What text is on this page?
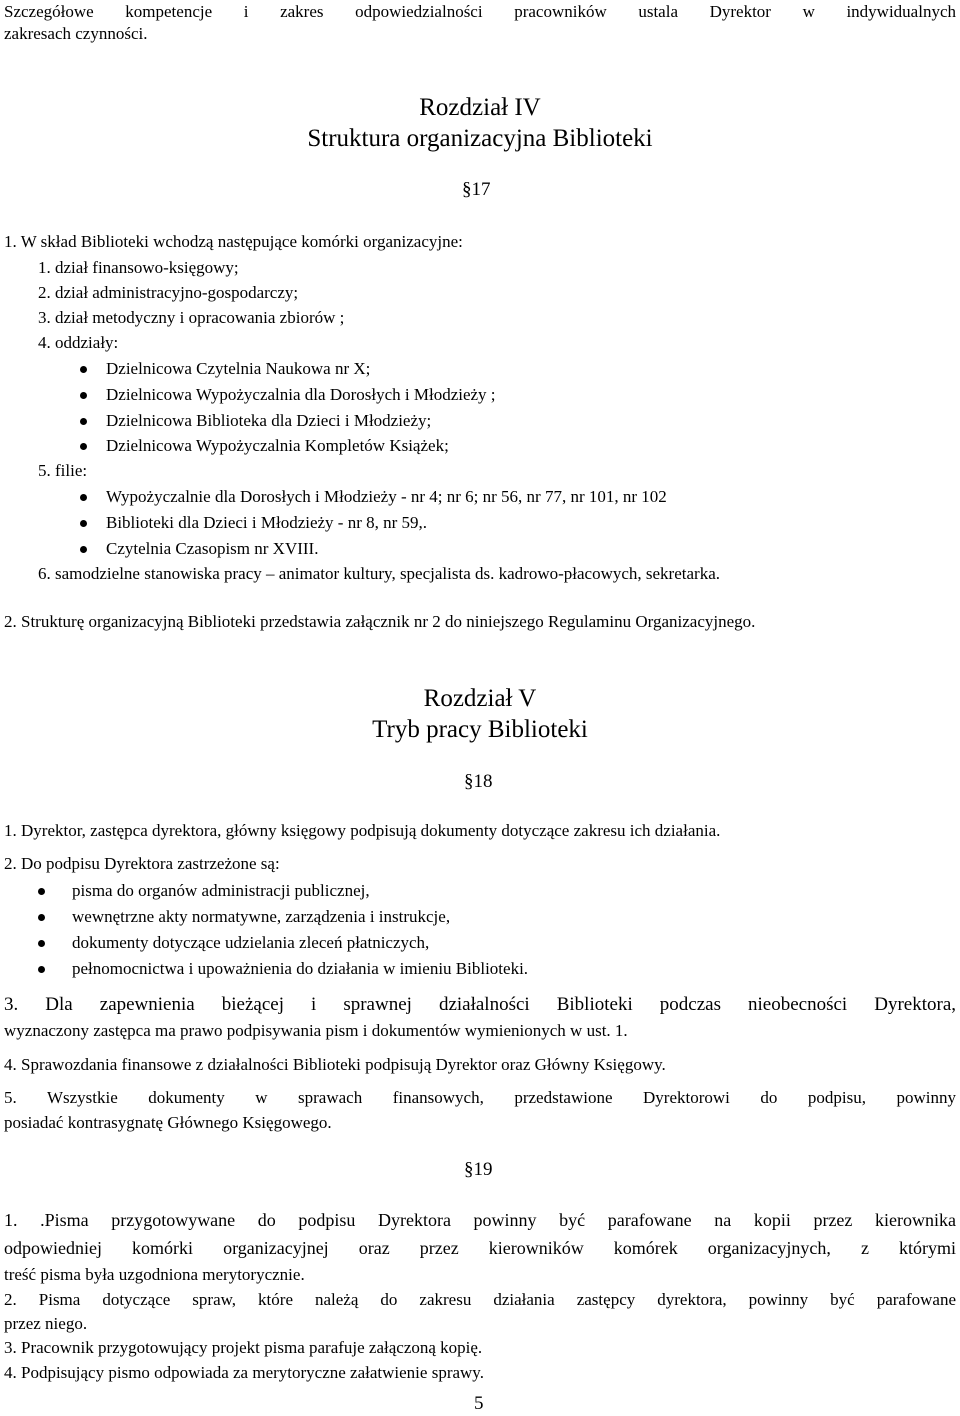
Szczegółowe kompetencje i zakres odpowiedzialności pracowników ustala Dyrektor w indywidualnych
zakresach czynności.
Rozdział IV
Struktura organizacyjna Biblioteki
§17
1. W skład Biblioteki wchodzą następujące komórki organizacyjne:
1. dział finansowo-księgowy;
2. dział administracyjno-gospodarczy;
3. dział metodyczny i opracowania zbiorów ;
4. oddziały:
Dzielnicowa Czytelnia Naukowa nr X;
Dzielnicowa Wypożyczalnia dla Dorosłych i Młodzieży ;
Dzielnicowa Biblioteka dla Dzieci i Młodzieży;
Dzielnicowa Wypożyczalnia Kompletów Książek;
5. filie:
Wypożyczalnie dla Dorosłych i Młodzieży - nr 4; nr 6; nr 56, nr 77, nr 101, nr 102
Biblioteki dla Dzieci i Młodzieży - nr 8, nr 59,.
Czytelnia Czasopism nr XVIII.
6. samodzielne stanowiska pracy – animator kultury, specjalista ds. kadrowo-płacowych, sekretarka.
2. Strukturę organizacyjną Biblioteki przedstawia załącznik nr 2 do niniejszego Regulaminu Organizacyjnego.
Rozdział V
Tryb pracy Biblioteki
§18
1. Dyrektor, zastępca dyrektora, główny księgowy podpisują dokumenty dotyczące zakresu ich działania.
2. Do podpisu Dyrektora zastrzeżone są:
pisma do organów administracji publicznej,
wewnętrzne akty normatywne, zarządzenia i instrukcje,
dokumenty dotyczące udzielania zleceń płatniczych,
pełnomocnictwa i upoważnienia do działania w imieniu Biblioteki.
3. Dla zapewnienia bieżącej i sprawnej działalności Biblioteki podczas nieobecności Dyrektora,
wyznaczony zastępca ma prawo podpisywania pism i dokumentów wymienionych w ust. 1.
4. Sprawozdania finansowe z działalności Biblioteki podpisują Dyrektor oraz Główny Księgowy.
5. Wszystkie dokumenty w sprawach finansowych, przedstawione Dyrektorowi do podpisu, powinny
posiadać kontrasygnatę Głównego Księgowego.
§19
1. .Pisma przygotowywane do podpisu Dyrektora powinny być parafowane na kopii przez kierownika
odpowiedniej komórki organizacyjnej oraz przez kierowników komórek organizacyjnych, z którymi
treść pisma była uzgodniona merytorycznie.
2. Pisma dotyczące spraw, które należą do zakresu działania zastępcy dyrektora, powinny być parafowane
przez niego.
3. Pracownik przygotowujący projekt pisma parafuje załączoną kopię.
4. Podpisujący pismo odpowiada za merytoryczne załatwienie sprawy.
5
